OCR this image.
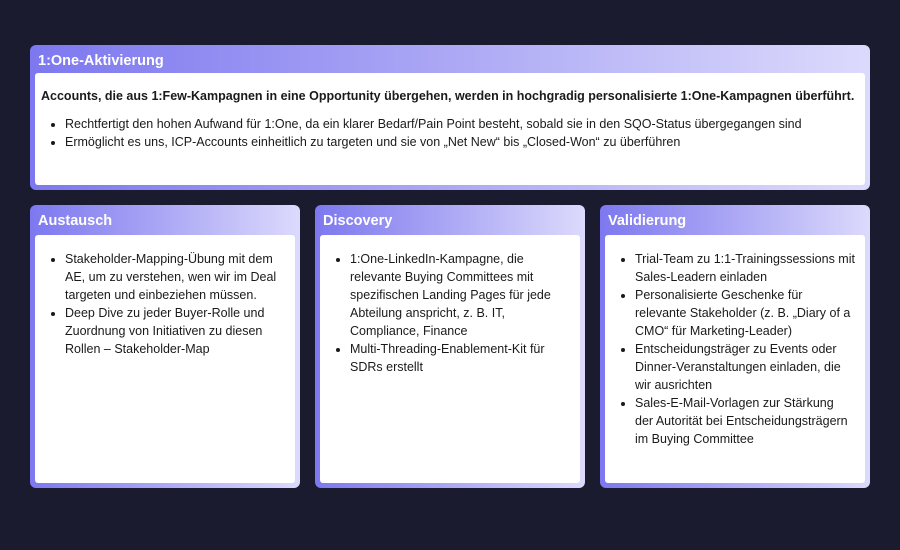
1:One-Aktivierung

Accounts, die aus 1:Few-Kampagnen in eine Opportunity übergehen, werden in hochgradig personalisierte 1:One-Kampagnen überführt.

• Rechtfertigt den hohen Aufwand für 1:One, da ein klarer Bedarf/Pain Point besteht, sobald sie in den SQO-Status übergegangen sind
• Ermöglicht es uns, ICP-Accounts einheitlich zu targeten und sie von „Net New“ bis „Closed-Won“ zu überführen
Austausch
• Stakeholder-Mapping-Übung mit dem AE, um zu verstehen, wen wir im Deal targeten und einbeziehen müssen.
• Deep Dive zu jeder Buyer-Rolle und Zuordnung von Initiativen zu diesen Rollen – Stakeholder-Map
Discovery
• 1:One-LinkedIn-Kampagne, die relevante Buying Committees mit spezifischen Landing Pages für jede Abteilung anspricht, z. B. IT, Compliance, Finance
• Multi-Threading-Enablement-Kit für SDRs erstellt
Validierung
• Trial-Team zu 1:1-Trainingssessions mit Sales-Leadern einladen
• Personalisierte Geschenke für relevante Stakeholder (z. B. „Diary of a CMO“ für Marketing-Leader)
• Entscheidungsträger zu Events oder Dinner-Veranstaltungen einladen, die wir ausrichten
• Sales-E-Mail-Vorlagen zur Stärkung der Autorität bei Entscheidungsträgern im Buying Committee
